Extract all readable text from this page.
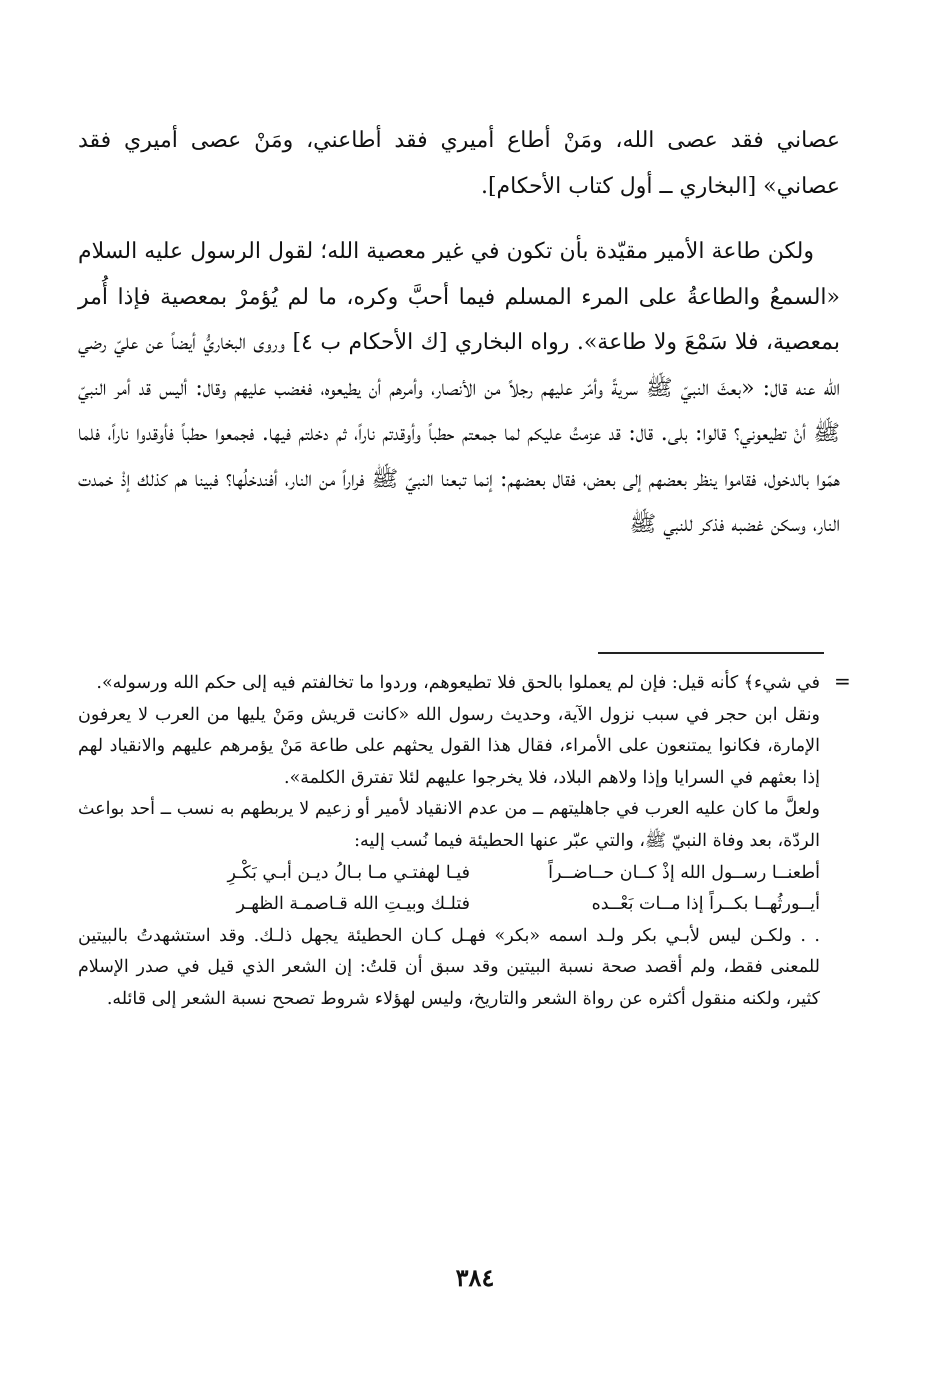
عصاني فقد عصى الله، ومَنْ أطاع أميري فقد أطاعني، ومَنْ عصى أميري فقد عصاني» [البخاري ــ أول كتاب الأحكام].

ولكن طاعة الأمير مقيّدة بأن تكون في غير معصية الله؛ لقول الرسول عليه السلام «السمعُ والطاعةُ على المرء المسلم فيما أحبَّ وكره، ما لم يُؤمرْ بمعصية فإذا أُمر بمعصية، فلا سَمْعَ ولا طاعة». رواه البخاري [ك الأحكام ب ٤] وروى البخاريُّ أيضاً عن عليّ رضي الله عنه قال: «بعثَ النبيّ ﷺ سريةً وأمّر عليهم رجلاً من الأنصار، وأمرهم أن يطيعوه، فغضب عليهم وقال: أليس قد أمر النبيّ ﷺ أنْ تطيعوني؟ قالوا: بلى. قال: قد عزمتُ عليكم لما جمعتم حطباً وأوقدتم ناراً، ثم دخلتم فيها. فجمعوا حطباً فأوقدوا ناراً، فلما همّوا بالدخول، فقاموا ينظر بعضهم إلى بعض، فقال بعضهم: إنما تبعنا النبيّ ﷺ فراراً من النار، أفندخلُها؟ فبينا هم كذلك إذْ خمدت النار، وسكن غضبه فذكر للنبي ﷺ

=

في شيء﴾ كأنه قيل: فإن لم يعملوا بالحق فلا تطيعوهم، وردوا ما تخالفتم فيه إلى حكم الله ورسوله».

ونقل ابن حجر في سبب نزول الآية، وحديث رسول الله «كانت قريش ومَنْ يليها من العرب لا يعرفون الإمارة، فكانوا يمتنعون على الأمراء، فقال هذا القول يحثهم على طاعة مَنْ يؤمرهم عليهم والانقياد لهم إذا بعثهم في السرايا وإذا ولاهم البلاد، فلا يخرجوا عليهم لئلا تفترق الكلمة».

ولعلَّ ما كان عليه العرب في جاهليتهم ــ من عدم الانقياد لأمير أو زعيم لا يربطهم به نسب ــ أحد بواعث الردّة، بعد وفاة النبيّ ﷺ، والتي عبّر عنها الحطيئة فيما نُسب إليه:

أطعنــا رســول الله إذْ كــان حــاضــراً
فيـا لهفتـي مـا بـالُ ديـن أبـي بَكْـرِ
أيــورثُهــا بكــراً إذا مــات بَعْــده
فتلـك وبيـتِ الله قـاصمـة الظهـر

. . ولكـن ليس لأبـي بكر ولـد اسمه «بكر» فهـل كـان الحطيئة يجهل ذلـك. وقد استشهدتُ بالبيتين للمعنى فقط، ولم أقصد صحة نسبة البيتين وقد سبق أن قلتُ: إن الشعر الذي قيل في صدر الإسلام كثير، ولكنه منقول أكثره عن رواة الشعر والتاريخ، وليس لهؤلاء شروط تصحح نسبة الشعر إلى قائله.

٣٨٤
